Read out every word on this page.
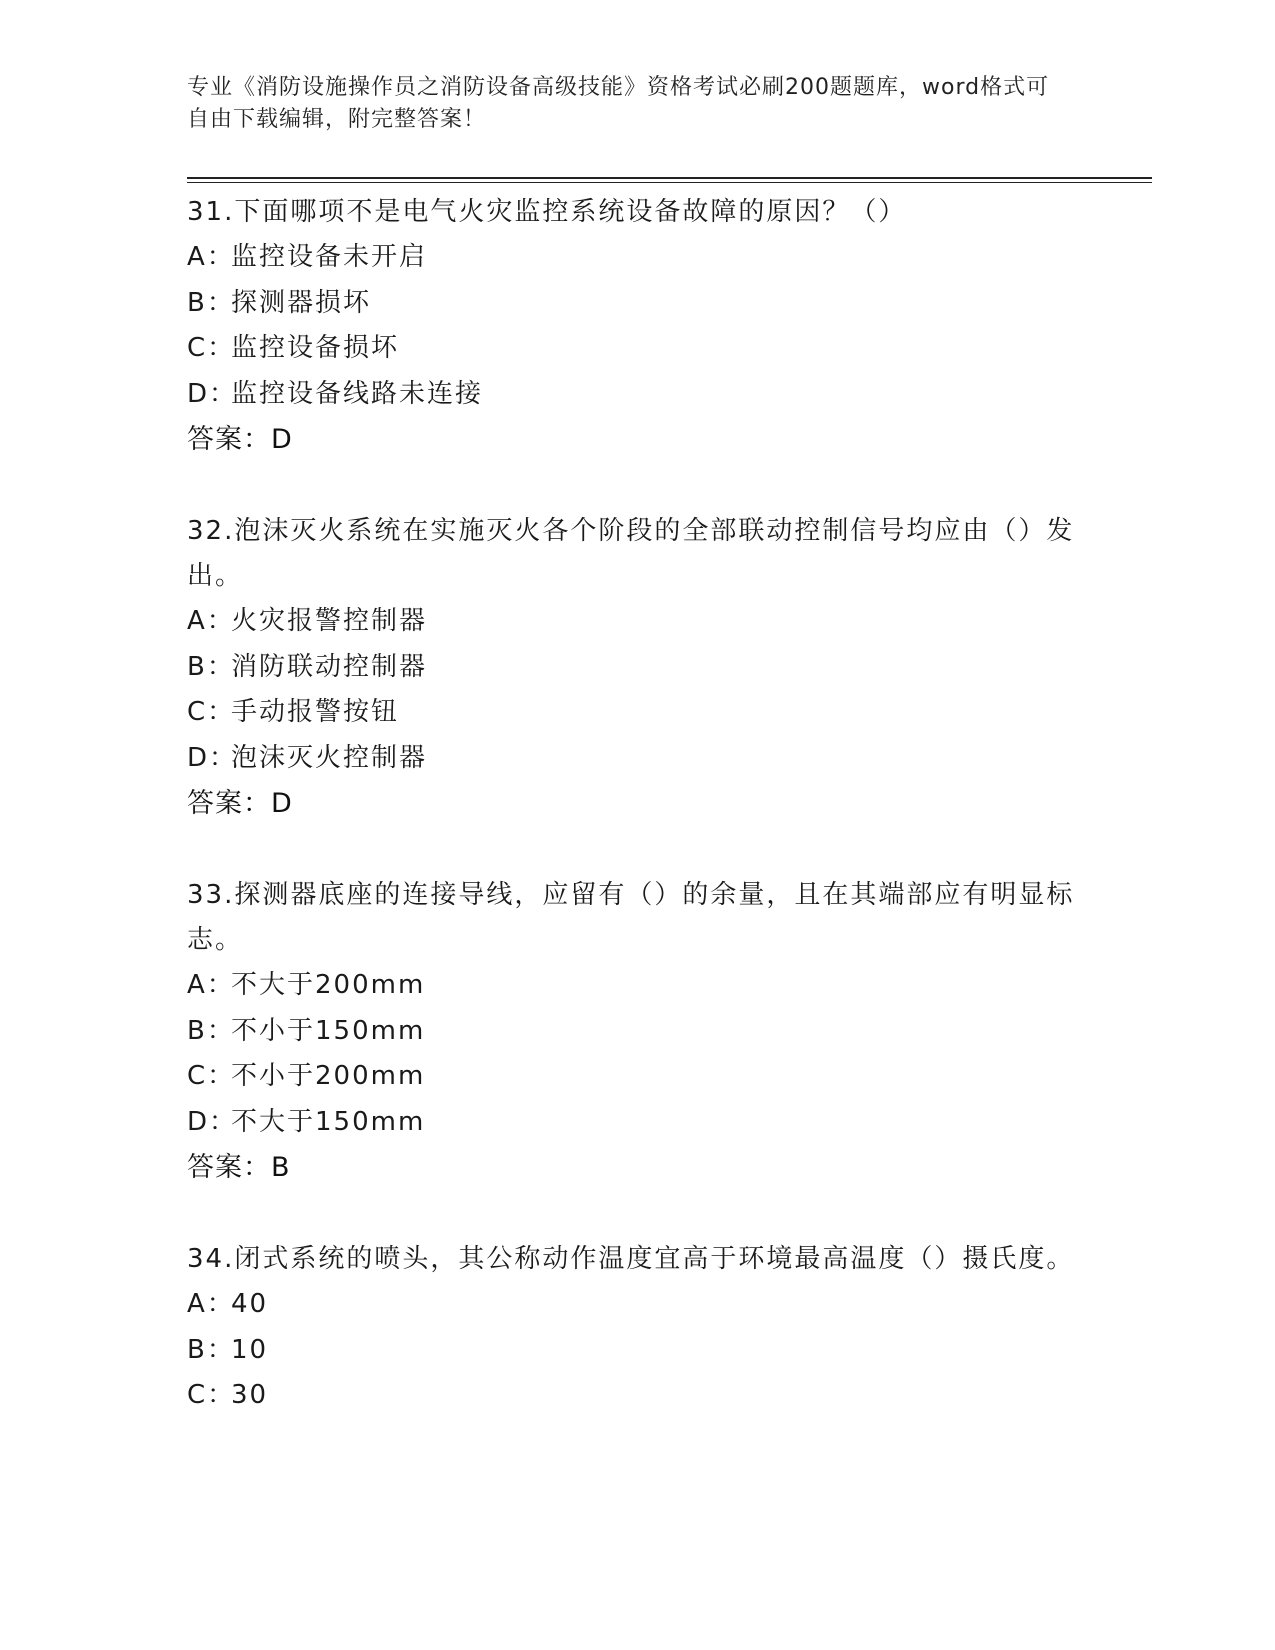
专业《消防设施操作员之消防设备高级技能》资格考试必刷200题题库，word格式可自由下载编辑，附完整答案！

31.下面哪项不是电气火灾监控系统设备故障的原因？（）

A：监控设备未开启

B：探测器损坏

C：监控设备损坏

D：监控设备线路未连接

答案：D

32.泡沫灭火系统在实施灭火各个阶段的全部联动控制信号均应由（）发出。

A：火灾报警控制器

B：消防联动控制器

C：手动报警按钮

D：泡沫灭火控制器

答案：D

33.探测器底座的连接导线，应留有（）的余量，且在其端部应有明显标志。

A：不大于200mm

B：不小于150mm

C：不小于200mm

D：不大于150mm

答案：B

34.闭式系统的喷头，其公称动作温度宜高于环境最高温度（）摄氏度。

A：40

B：10

C：30
